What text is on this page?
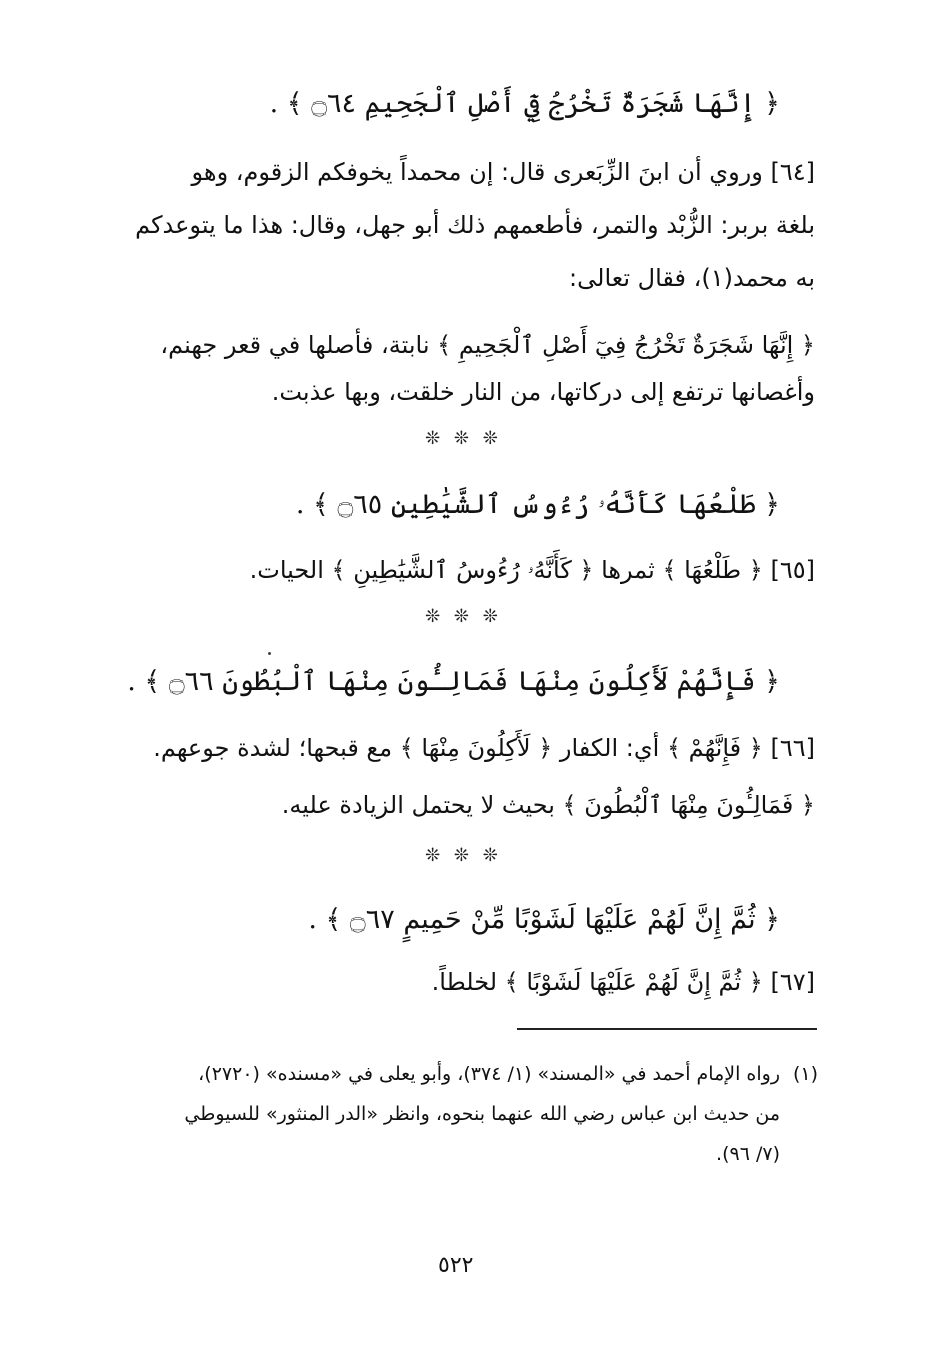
﴿ إِنَّهَا شَجَرَةٌ تَخْرُجُ فِيٓ أَصْلِ ٱلْجَحِيمِ ۝٦٤ ﴾ .
[٦٤] وروي أن ابنَ الزِّبَعرى قال: إن محمداً يخوفكم الزقوم، وهو
بلغة بربر: الزُّبْد والتمر، فأطعمهم ذلك أبو جهل، وقال: هذا ما يتوعدكم
به محمد(١)، فقال تعالى:
﴿ إِنَّهَا شَجَرَةٌ تَخْرُجُ فِيٓ أَصْلِ ٱلْجَحِيمِ ﴾ نابتة، فأصلها في قعر جهنم،
وأغصانها ترتفع إلى دركاتها، من النار خلقت، وبها عذبت.
❊ ❊ ❊
﴿ طَلْعُهَا كَأَنَّهُۥ رُءُوسُ ٱلشَّيَٰطِينِ ۝٦٥ ﴾ .
[٦٥] ﴿ طَلْعُهَا ﴾ ثمرها ﴿ كَأَنَّهُۥ رُءُوسُ ٱلشَّيَٰطِينِ ﴾ الحيات.
❊ ❊ ❊
﴿ فَإِنَّهُمْ لَأَكِلُونَ مِنْهَا فَمَالِـُٔونَ مِنْهَا ٱلْبُطُونَ ۝٦٦ ﴾ .
[٦٦] ﴿ فَإِنَّهُمْ ﴾ أي: الكفار ﴿ لَأَكِلُونَ مِنْهَا ﴾ مع قبحها؛ لشدة جوعهم.
﴿ فَمَالِـُٔونَ مِنْهَا ٱلْبُطُونَ ﴾ بحيث لا يحتمل الزيادة عليه.
❊ ❊ ❊
﴿ ثُمَّ إِنَّ لَهُمْ عَلَيْهَا لَشَوْبًا مِّنْ حَمِيمٍ ۝٦٧ ﴾ .
[٦٧] ﴿ ثُمَّ إِنَّ لَهُمْ عَلَيْهَا لَشَوْبًا ﴾ لخلطاً.
(١)
رواه الإمام أحمد في «المسند» (١/ ٣٧٤)، وأبو يعلى في «مسنده» (٢٧٢٠)،
من حديث ابن عباس رضي الله عنهما بنحوه، وانظر «الدر المنثور» للسيوطي
(٧/ ٩٦).
٥٢٢
